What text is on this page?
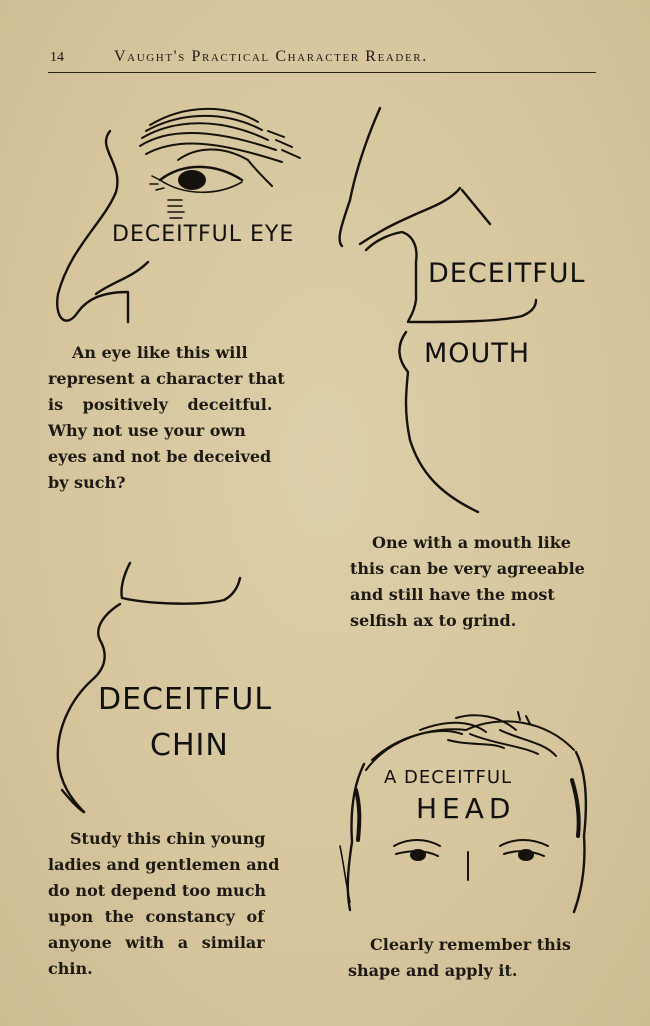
14	Vaught's Practical Character Reader.
DECEITFUL EYE
DECEITFUL
MOUTH
DECEITFUL
CHIN
A DECEITFUL
HEAD
An eye like this will
represent a character that
is positively deceitful.
Why not use your own
eyes and not be deceived
by such?
One with a mouth like
this can be very agreeable
and still have the most
selfish ax to grind.
Study this chin young
ladies and gentlemen and
do not depend too much
upon the constancy of
anyone with a similar
chin.
Clearly remember this
shape and apply it.
